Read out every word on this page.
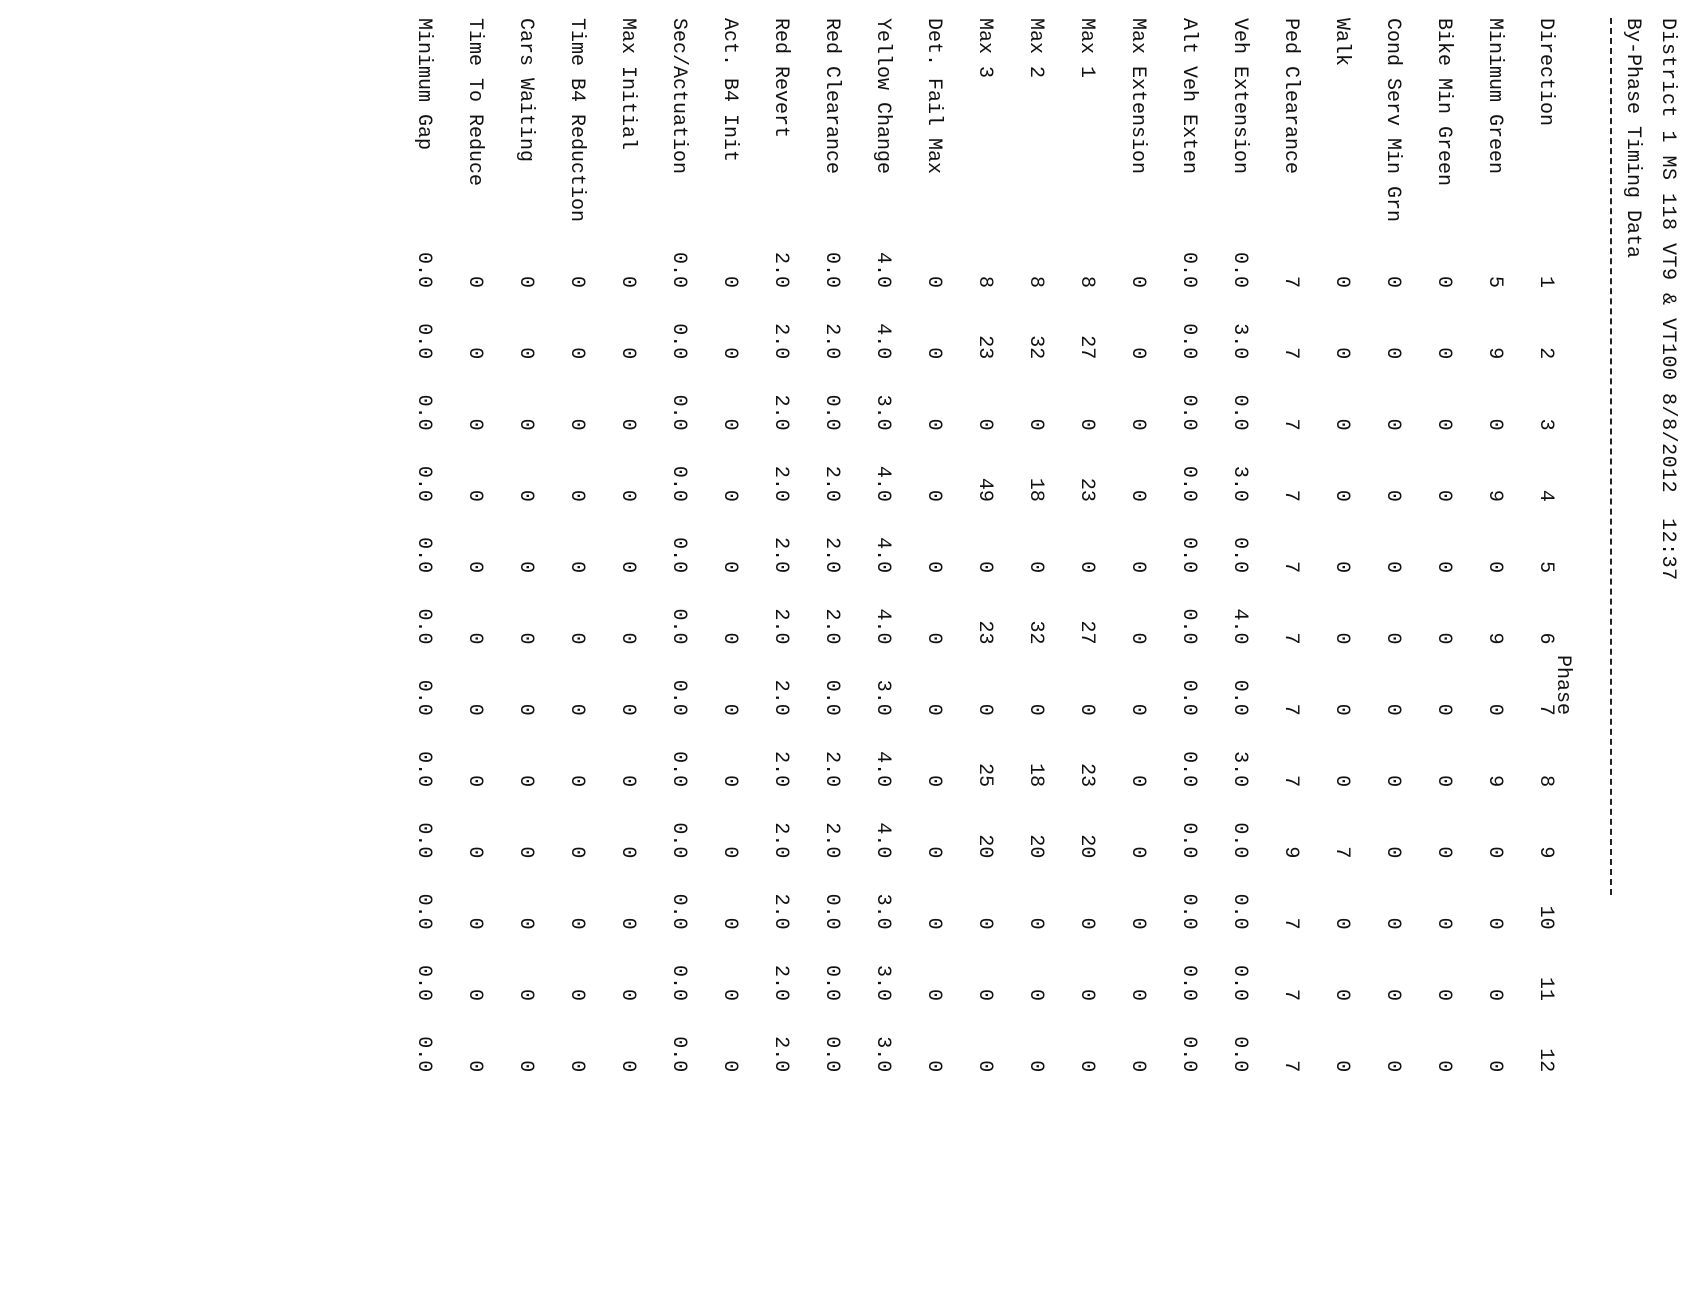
District 1 MS 118 VT9 & VT100 8/8/2012  12:37
By-Phase Timing Data
Phase
Direction
1
2
3
4
5
6
7
8
9
10
11
12
Minimum Green
5
9
0
9
0
9
0
9
0
0
0
0
Bike Min Green
0
0
0
0
0
0
0
0
0
0
0
0
Cond Serv Min Grn
0
0
0
0
0
0
0
0
0
0
0
0
Walk
0
0
0
0
0
0
0
0
7
0
0
0
Ped Clearance
7
7
7
7
7
7
7
7
9
7
7
7
Veh Extension
0.0
3.0
0.0
3.0
0.0
4.0
0.0
3.0
0.0
0.0
0.0
0.0
Alt Veh Exten
0.0
0.0
0.0
0.0
0.0
0.0
0.0
0.0
0.0
0.0
0.0
0.0
Max Extension
0
0
0
0
0
0
0
0
0
0
0
0
Max 1
8
27
0
23
0
27
0
23
20
0
0
0
Max 2
8
32
0
18
0
32
0
18
20
0
0
0
Max 3
8
23
0
49
0
23
0
25
20
0
0
0
Det. Fail Max
0
0
0
0
0
0
0
0
0
0
0
0
Yellow Change
4.0
4.0
3.0
4.0
4.0
4.0
3.0
4.0
4.0
3.0
3.0
3.0
Red Clearance
0.0
2.0
0.0
2.0
2.0
2.0
0.0
2.0
2.0
0.0
0.0
0.0
Red Revert
2.0
2.0
2.0
2.0
2.0
2.0
2.0
2.0
2.0
2.0
2.0
2.0
Act. B4 Init
0
0
0
0
0
0
0
0
0
0
0
0
Sec/Actuation
0.0
0.0
0.0
0.0
0.0
0.0
0.0
0.0
0.0
0.0
0.0
0.0
Max Initial
0
0
0
0
0
0
0
0
0
0
0
0
Time B4 Reduction
0
0
0
0
0
0
0
0
0
0
0
0
Cars Waiting
0
0
0
0
0
0
0
0
0
0
0
0
Time To Reduce
0
0
0
0
0
0
0
0
0
0
0
0
Minimum Gap
0.0
0.0
0.0
0.0
0.0
0.0
0.0
0.0
0.0
0.0
0.0
0.0
